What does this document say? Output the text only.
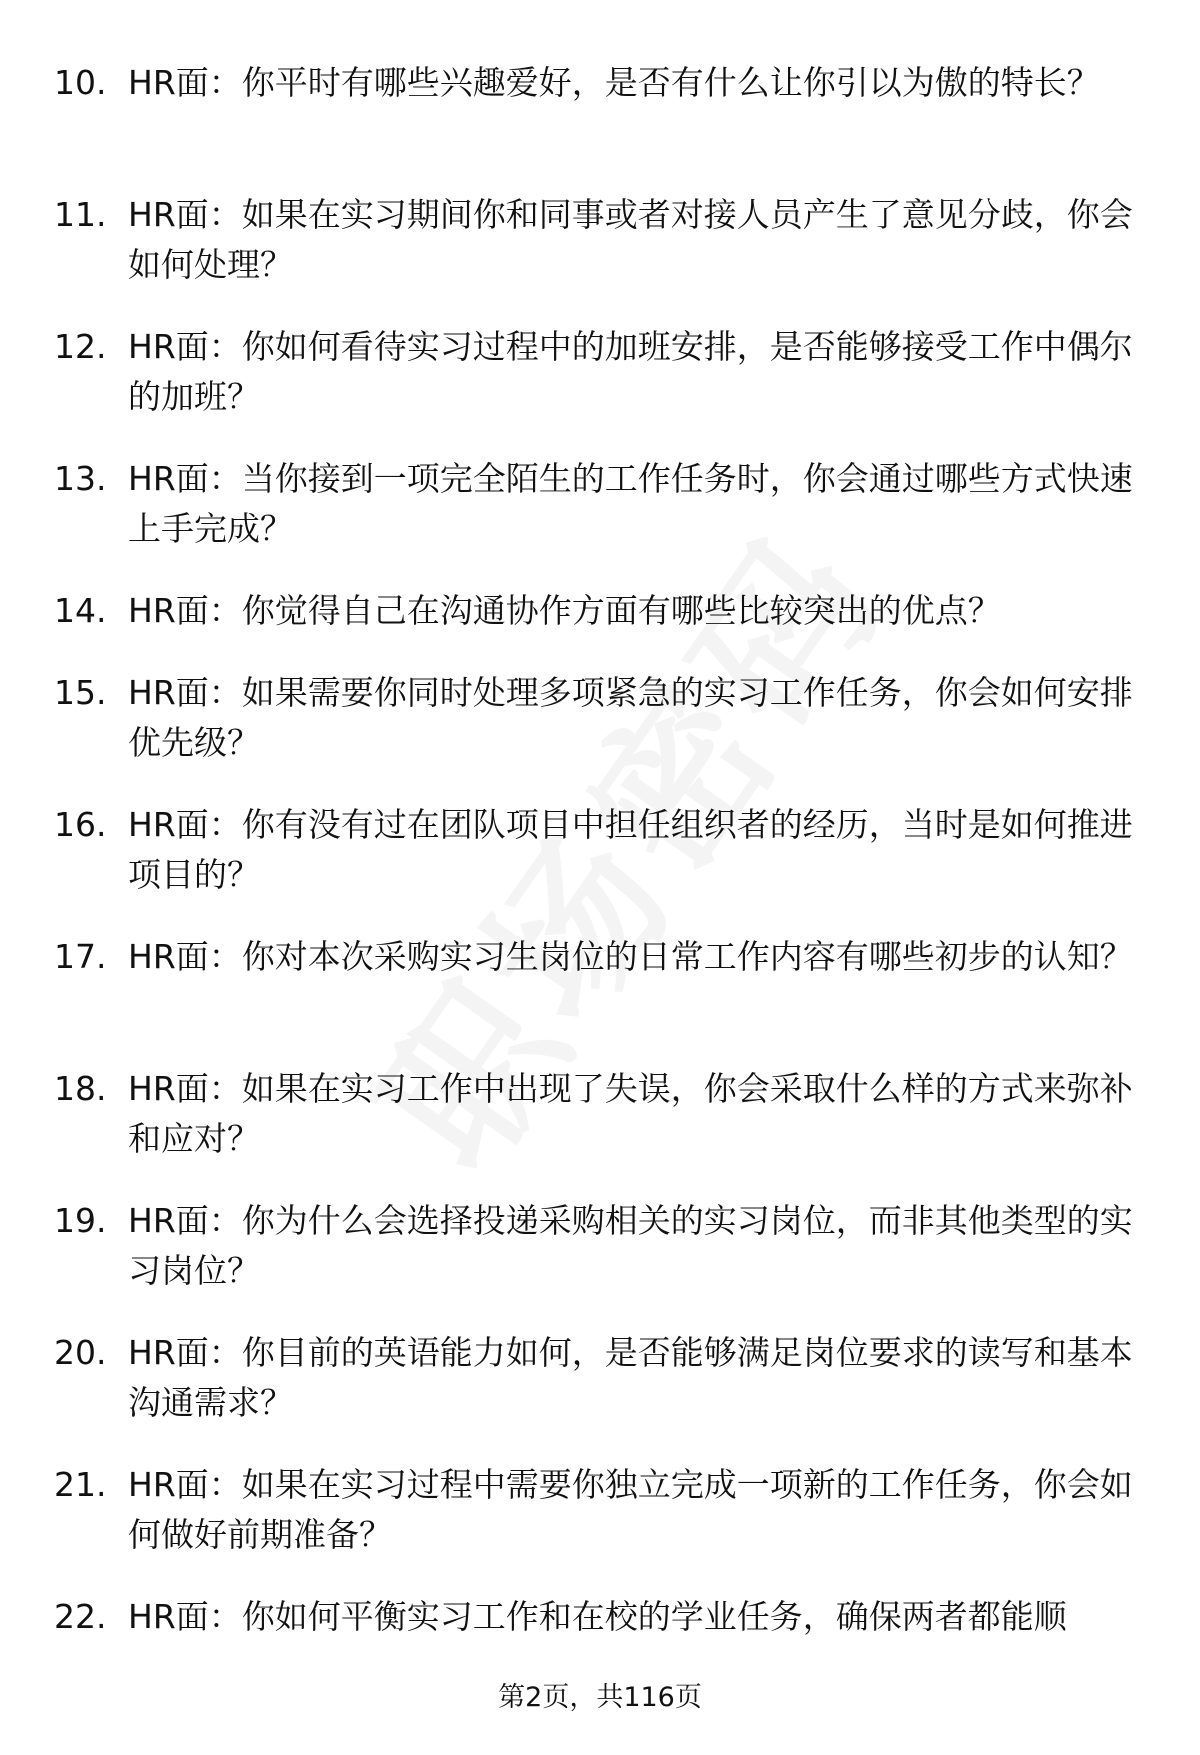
10. HR面：你平时有哪些兴趣爱好，是否有什么让你引以为傲的特长？
11. HR面：如果在实习期间你和同事或者对接人员产生了意见分歧，你会如何处理？
12. HR面：你如何看待实习过程中的加班安排，是否能够接受工作中偶尔的加班？
13. HR面：当你接到一项完全陌生的工作任务时，你会通过哪些方式快速上手完成？
14. HR面：你觉得自己在沟通协作方面有哪些比较突出的优点？
15. HR面：如果需要你同时处理多项紧急的实习工作任务，你会如何安排优先级？
16. HR面：你有没有过在团队项目中担任组织者的经历，当时是如何推进项目的？
17. HR面：你对本次采购实习生岗位的日常工作内容有哪些初步的认知？
18. HR面：如果在实习工作中出现了失误，你会采取什么样的方式来弥补和应对？
19. HR面：你为什么会选择投递采购相关的实习岗位，而非其他类型的实习岗位？
20. HR面：你目前的英语能力如何，是否能够满足岗位要求的读写和基本沟通需求？
21. HR面：如果在实习过程中需要你独立完成一项新的工作任务，你会如何做好前期准备？
22. HR面：你如何平衡实习工作和在校的学业任务，确保两者都能顺
第2页，共116页
